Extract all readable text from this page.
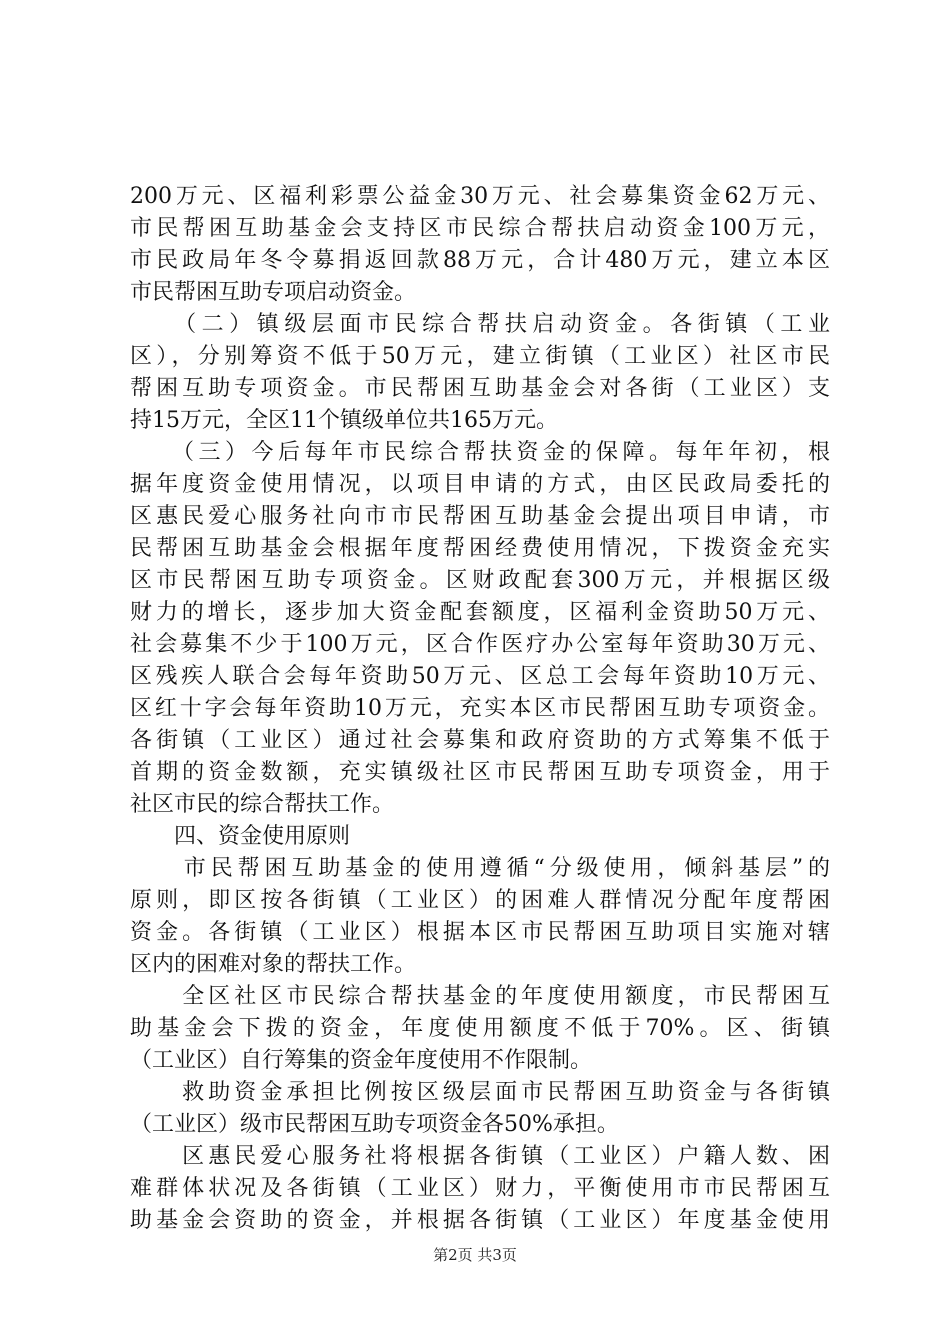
200万元、区福利彩票公益金30万元、社会募集资金62万元、
市民帮困互助基金会支持区市民综合帮扶启动资金100万元，
市民政局年冬令募捐返回款88万元，合计480万元，建立本区
市民帮困互助专项启动资金。
　　（二）镇级层面市民综合帮扶启动资金。各街镇（工业
区），分别筹资不低于50万元，建立街镇（工业区）社区市民
帮困互助专项资金。市民帮困互助基金会对各街（工业区）支
持15万元，全区11个镇级单位共165万元。
　　（三）今后每年市民综合帮扶资金的保障。每年年初，根
据年度资金使用情况，以项目申请的方式，由区民政局委托的
区惠民爱心服务社向市市民帮困互助基金会提出项目申请，市
民帮困互助基金会根据年度帮困经费使用情况，下拨资金充实
区市民帮困互助专项资金。区财政配套300万元，并根据区级
财力的增长，逐步加大资金配套额度，区福利金资助50万元、
社会募集不少于100万元，区合作医疗办公室每年资助30万元、
区残疾人联合会每年资助50万元、区总工会每年资助10万元、
区红十字会每年资助10万元，充实本区市民帮困互助专项资金。
各街镇（工业区）通过社会募集和政府资助的方式筹集不低于
首期的资金数额，充实镇级社区市民帮困互助专项资金，用于
社区市民的综合帮扶工作。
　　四、资金使用原则
　　市民帮困互助基金的使用遵循“分级使用，倾斜基层”的
原则，即区按各街镇（工业区）的困难人群情况分配年度帮困
资金。各街镇（工业区）根据本区市民帮困互助项目实施对辖
区内的困难对象的帮扶工作。
　　全区社区市民综合帮扶基金的年度使用额度，市民帮困互
助基金会下拨的资金，年度使用额度不低于70%。区、街镇
（工业区）自行筹集的资金年度使用不作限制。
　　救助资金承担比例按区级层面市民帮困互助资金与各街镇
（工业区）级市民帮困互助专项资金各50%承担。
　　区惠民爱心服务社将根据各街镇（工业区）户籍人数、困
难群体状况及各街镇（工业区）财力，平衡使用市市民帮困互
助基金会资助的资金，并根据各街镇（工业区）年度基金使用
第2页 共3页
